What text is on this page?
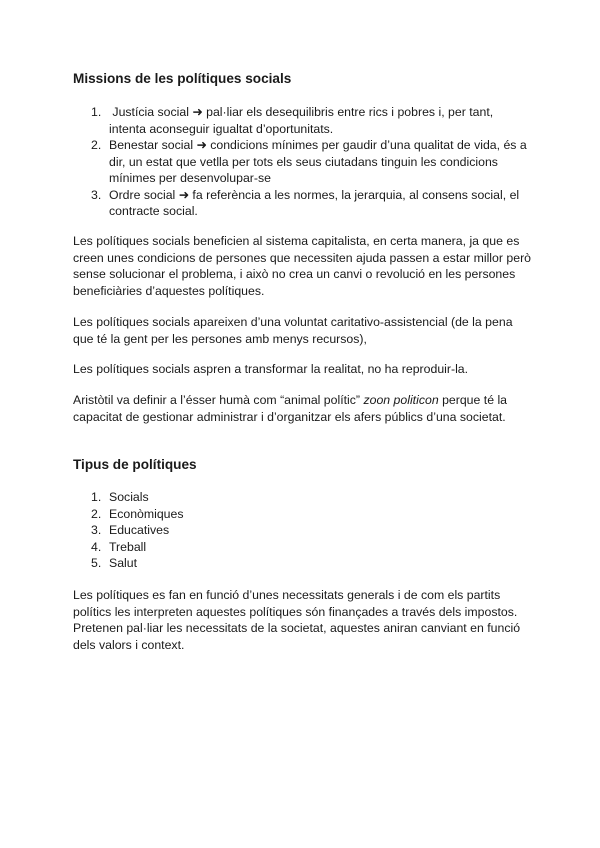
Missions de les polítiques socials
1. Justícia social ➜ pal·liar els desequilibris entre rics i pobres i, per tant, intenta aconseguir igualtat d’oportunitats.
2. Benestar social ➜ condicions mínimes per gaudir d’una qualitat de vida, és a dir, un estat que vetlla per tots els seus ciutadans tinguin les condicions mínimes per desenvolupar-se
3. Ordre social ➜ fa referència a les normes, la jerarquia, al consens social, el contracte social.

Les polítiques socials beneficien al sistema capitalista, en certa manera, ja que es creen unes condicions de persones que necessiten ajuda passen a estar millor però sense solucionar el problema, i això no crea un canvi o revolució en les persones beneficiàries d’aquestes polítiques.

Les polítiques socials apareixen d’una voluntat caritativo-assistencial (de la pena que té la gent per les persones amb menys recursos),

Les polítiques socials aspren a transformar la realitat, no ha reproduir-la.

Aristòtil va definir a l’ésser humà com “animal polític” zoon politicon perque té la capacitat de gestionar administrar i d’organitzar els afers públics d’una societat.

Tipus de polítiques
1. Socials
2. Econòmiques
3. Educatives
4. Treball
5. Salut

Les polítiques es fan en funció d’unes necessitats generals i de com els partits polítics les interpreten aquestes polítiques són finançades a través dels impostos. Pretenen pal·liar les necessitats de la societat, aquestes aniran canviant en funció dels valors i context.
